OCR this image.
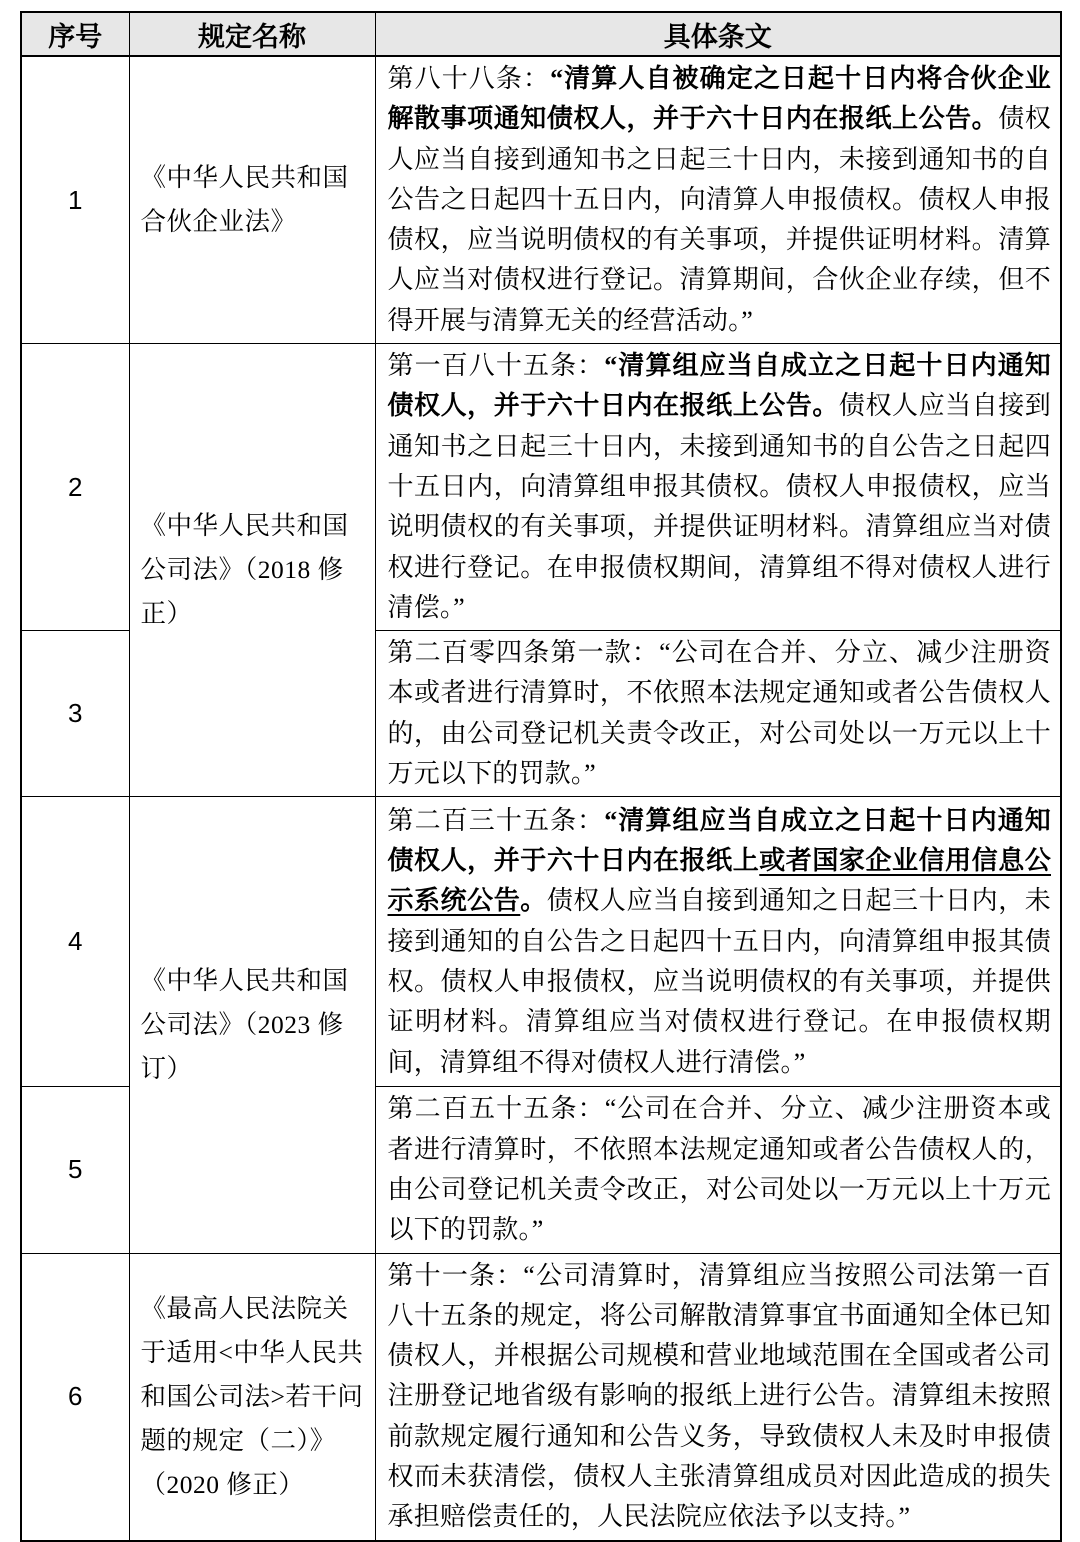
序号	规定名称	具体条文
1	《中华人民共和国合伙企业法》	第八十八条：“清算人自被确定之日起十日内将合伙企业解散事项通知债权人，并于六十日内在报纸上公告。债权人应当自接到通知书之日起三十日内，未接到通知书的自公告之日起四十五日内，向清算人申报债权。债权人申报债权，应当说明债权的有关事项，并提供证明材料。清算人应当对债权进行登记。清算期间，合伙企业存续，但不得开展与清算无关的经营活动。”
2	《中华人民共和国公司法》（2018 修正）	第一百八十五条：“清算组应当自成立之日起十日内通知债权人，并于六十日内在报纸上公告。债权人应当自接到通知书之日起三十日内，未接到通知书的自公告之日起四十五日内，向清算组申报其债权。债权人申报债权，应当说明债权的有关事项，并提供证明材料。清算组应当对债权进行登记。在申报债权期间，清算组不得对债权人进行清偿。”
3		第二百零四条第一款：“公司在合并、分立、减少注册资本或者进行清算时，不依照本法规定通知或者公告债权人的，由公司登记机关责令改正，对公司处以一万元以上十万元以下的罚款。”
4	《中华人民共和国公司法》（2023 修订）	第二百三十五条：“清算组应当自成立之日起十日内通知债权人，并于六十日内在报纸上或者国家企业信用信息公示系统公告。债权人应当自接到通知之日起三十日内，未接到通知的自公告之日起四十五日内，向清算组申报其债权。债权人申报债权，应当说明债权的有关事项，并提供证明材料。清算组应当对债权进行登记。在申报债权期间，清算组不得对债权人进行清偿。”
5		第二百五十五条：“公司在合并、分立、减少注册资本或者进行清算时，不依照本法规定通知或者公告债权人的，由公司登记机关责令改正，对公司处以一万元以上十万元以下的罚款。”
6	《最高人民法院关于适用<中华人民共和国公司法>若干问题的规定（二）》（2020 修正）	第十一条：“公司清算时，清算组应当按照公司法第一百八十五条的规定，将公司解散清算事宜书面通知全体已知债权人，并根据公司规模和营业地域范围在全国或者公司注册登记地省级有影响的报纸上进行公告。清算组未按照前款规定履行通知和公告义务，导致债权人未及时申报债权而未获清偿，债权人主张清算组成员对因此造成的损失承担赔偿责任的，人民法院应依法予以支持。”
